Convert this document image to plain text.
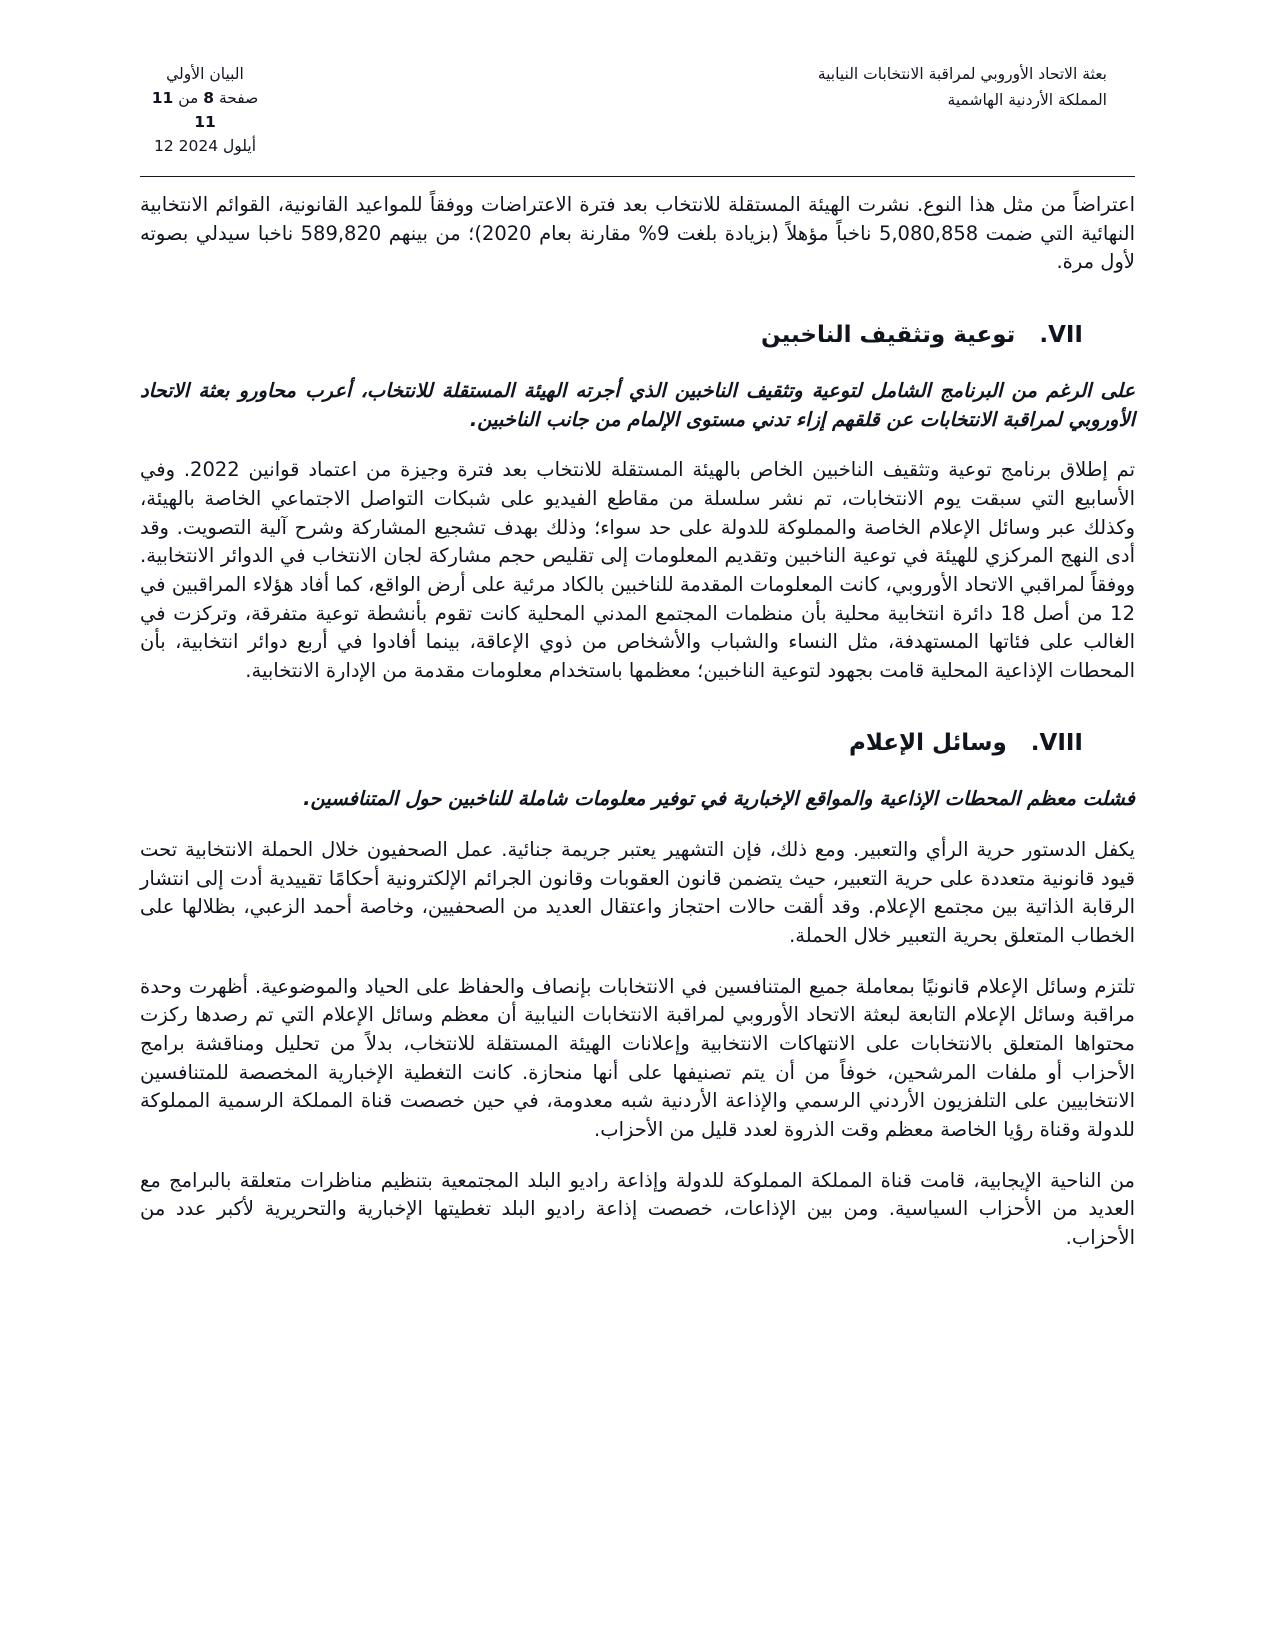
بعثة الاتحاد الأوروبي لمراقبة الانتخابات النيابية
المملكة الأردنية الهاشمية
البيان الأولي
صفحة 8 من 11
11
12 أيلول 2024

اعتراضاً من مثل هذا النوع. نشرت الهيئة المستقلة للانتخاب بعد فترة الاعتراضات ووفقاً للمواعيد القانونية، القوائم الانتخابية النهائية التي ضمت 5,080,858 ناخباً مؤهلاً (بزيادة بلغت 9% مقارنة بعام 2020)؛ من بينهم 589,820 ناخبا سيدلي بصوته لأول مرة.

VII. توعية وتثقيف الناخبين

على الرغم من البرنامج الشامل لتوعية وتثقيف الناخبين الذي أجرته الهيئة المستقلة للانتخاب، أعرب محاورو بعثة الاتحاد الأوروبي لمراقبة الانتخابات عن قلقهم إزاء تدني مستوى الإلمام من جانب الناخبين.

تم إطلاق برنامج توعية وتثقيف الناخبين الخاص بالهيئة المستقلة للانتخاب بعد فترة وجيزة من اعتماد قوانين 2022. وفي الأسابيع التي سبقت يوم الانتخابات، تم نشر سلسلة من مقاطع الفيديو على شبكات التواصل الاجتماعي الخاصة بالهيئة، وكذلك عبر وسائل الإعلام الخاصة والمملوكة للدولة على حد سواء؛ وذلك بهدف تشجيع المشاركة وشرح آلية التصويت. وقد أدى النهج المركزي للهيئة في توعية الناخبين وتقديم المعلومات إلى تقليص حجم مشاركة لجان الانتخاب في الدوائر الانتخابية. ووفقاً لمراقبي الاتحاد الأوروبي، كانت المعلومات المقدمة للناخبين بالكاد مرئية على أرض الواقع، كما أفاد هؤلاء المراقبين في 12 من أصل 18 دائرة انتخابية محلية بأن منظمات المجتمع المدني المحلية كانت تقوم بأنشطة توعية متفرقة، وتركزت في الغالب على فئاتها المستهدفة، مثل النساء والشباب والأشخاص من ذوي الإعاقة، بينما أفادوا في أربع دوائر انتخابية، بأن المحطات الإذاعية المحلية قامت بجهود لتوعية الناخبين؛ معظمها باستخدام معلومات مقدمة من الإدارة الانتخابية.

VIII. وسائل الإعلام

فشلت معظم المحطات الإذاعية والمواقع الإخبارية في توفير معلومات شاملة للناخبين حول المتنافسين.

يكفل الدستور حرية الرأي والتعبير. ومع ذلك، فإن التشهير يعتبر جريمة جنائية. عمل الصحفيون خلال الحملة الانتخابية تحت قيود قانونية متعددة على حرية التعبير، حيث يتضمن قانون العقوبات وقانون الجرائم الإلكترونية أحكامًا تقييدية أدت إلى انتشار الرقابة الذاتية بين مجتمع الإعلام. وقد ألقت حالات احتجاز واعتقال العديد من الصحفيين، وخاصة أحمد الزعبي، بظلالها على الخطاب المتعلق بحرية التعبير خلال الحملة.

تلتزم وسائل الإعلام قانونيًا بمعاملة جميع المتنافسين في الانتخابات بإنصاف والحفاظ على الحياد والموضوعية. أظهرت وحدة مراقبة وسائل الإعلام التابعة لبعثة الاتحاد الأوروبي لمراقبة الانتخابات النيابية أن معظم وسائل الإعلام التي تم رصدها ركزت محتواها المتعلق بالانتخابات على الانتهاكات الانتخابية وإعلانات الهيئة المستقلة للانتخاب، بدلاً من تحليل ومناقشة برامج الأحزاب أو ملفات المرشحين، خوفاً من أن يتم تصنيفها على أنها منحازة. كانت التغطية الإخبارية المخصصة للمتنافسين الانتخابيين على التلفزيون الأردني الرسمي والإذاعة الأردنية شبه معدومة، في حين خصصت قناة المملكة الرسمية المملوكة للدولة وقناة رؤيا الخاصة معظم وقت الذروة لعدد قليل من الأحزاب.

من الناحية الإيجابية، قامت قناة المملكة المملوكة للدولة وإذاعة راديو البلد المجتمعية بتنظيم مناظرات متعلقة بالبرامج مع العديد من الأحزاب السياسية. ومن بين الإذاعات، خصصت إذاعة راديو البلد تغطيتها الإخبارية والتحريرية لأكبر عدد من الأحزاب.
